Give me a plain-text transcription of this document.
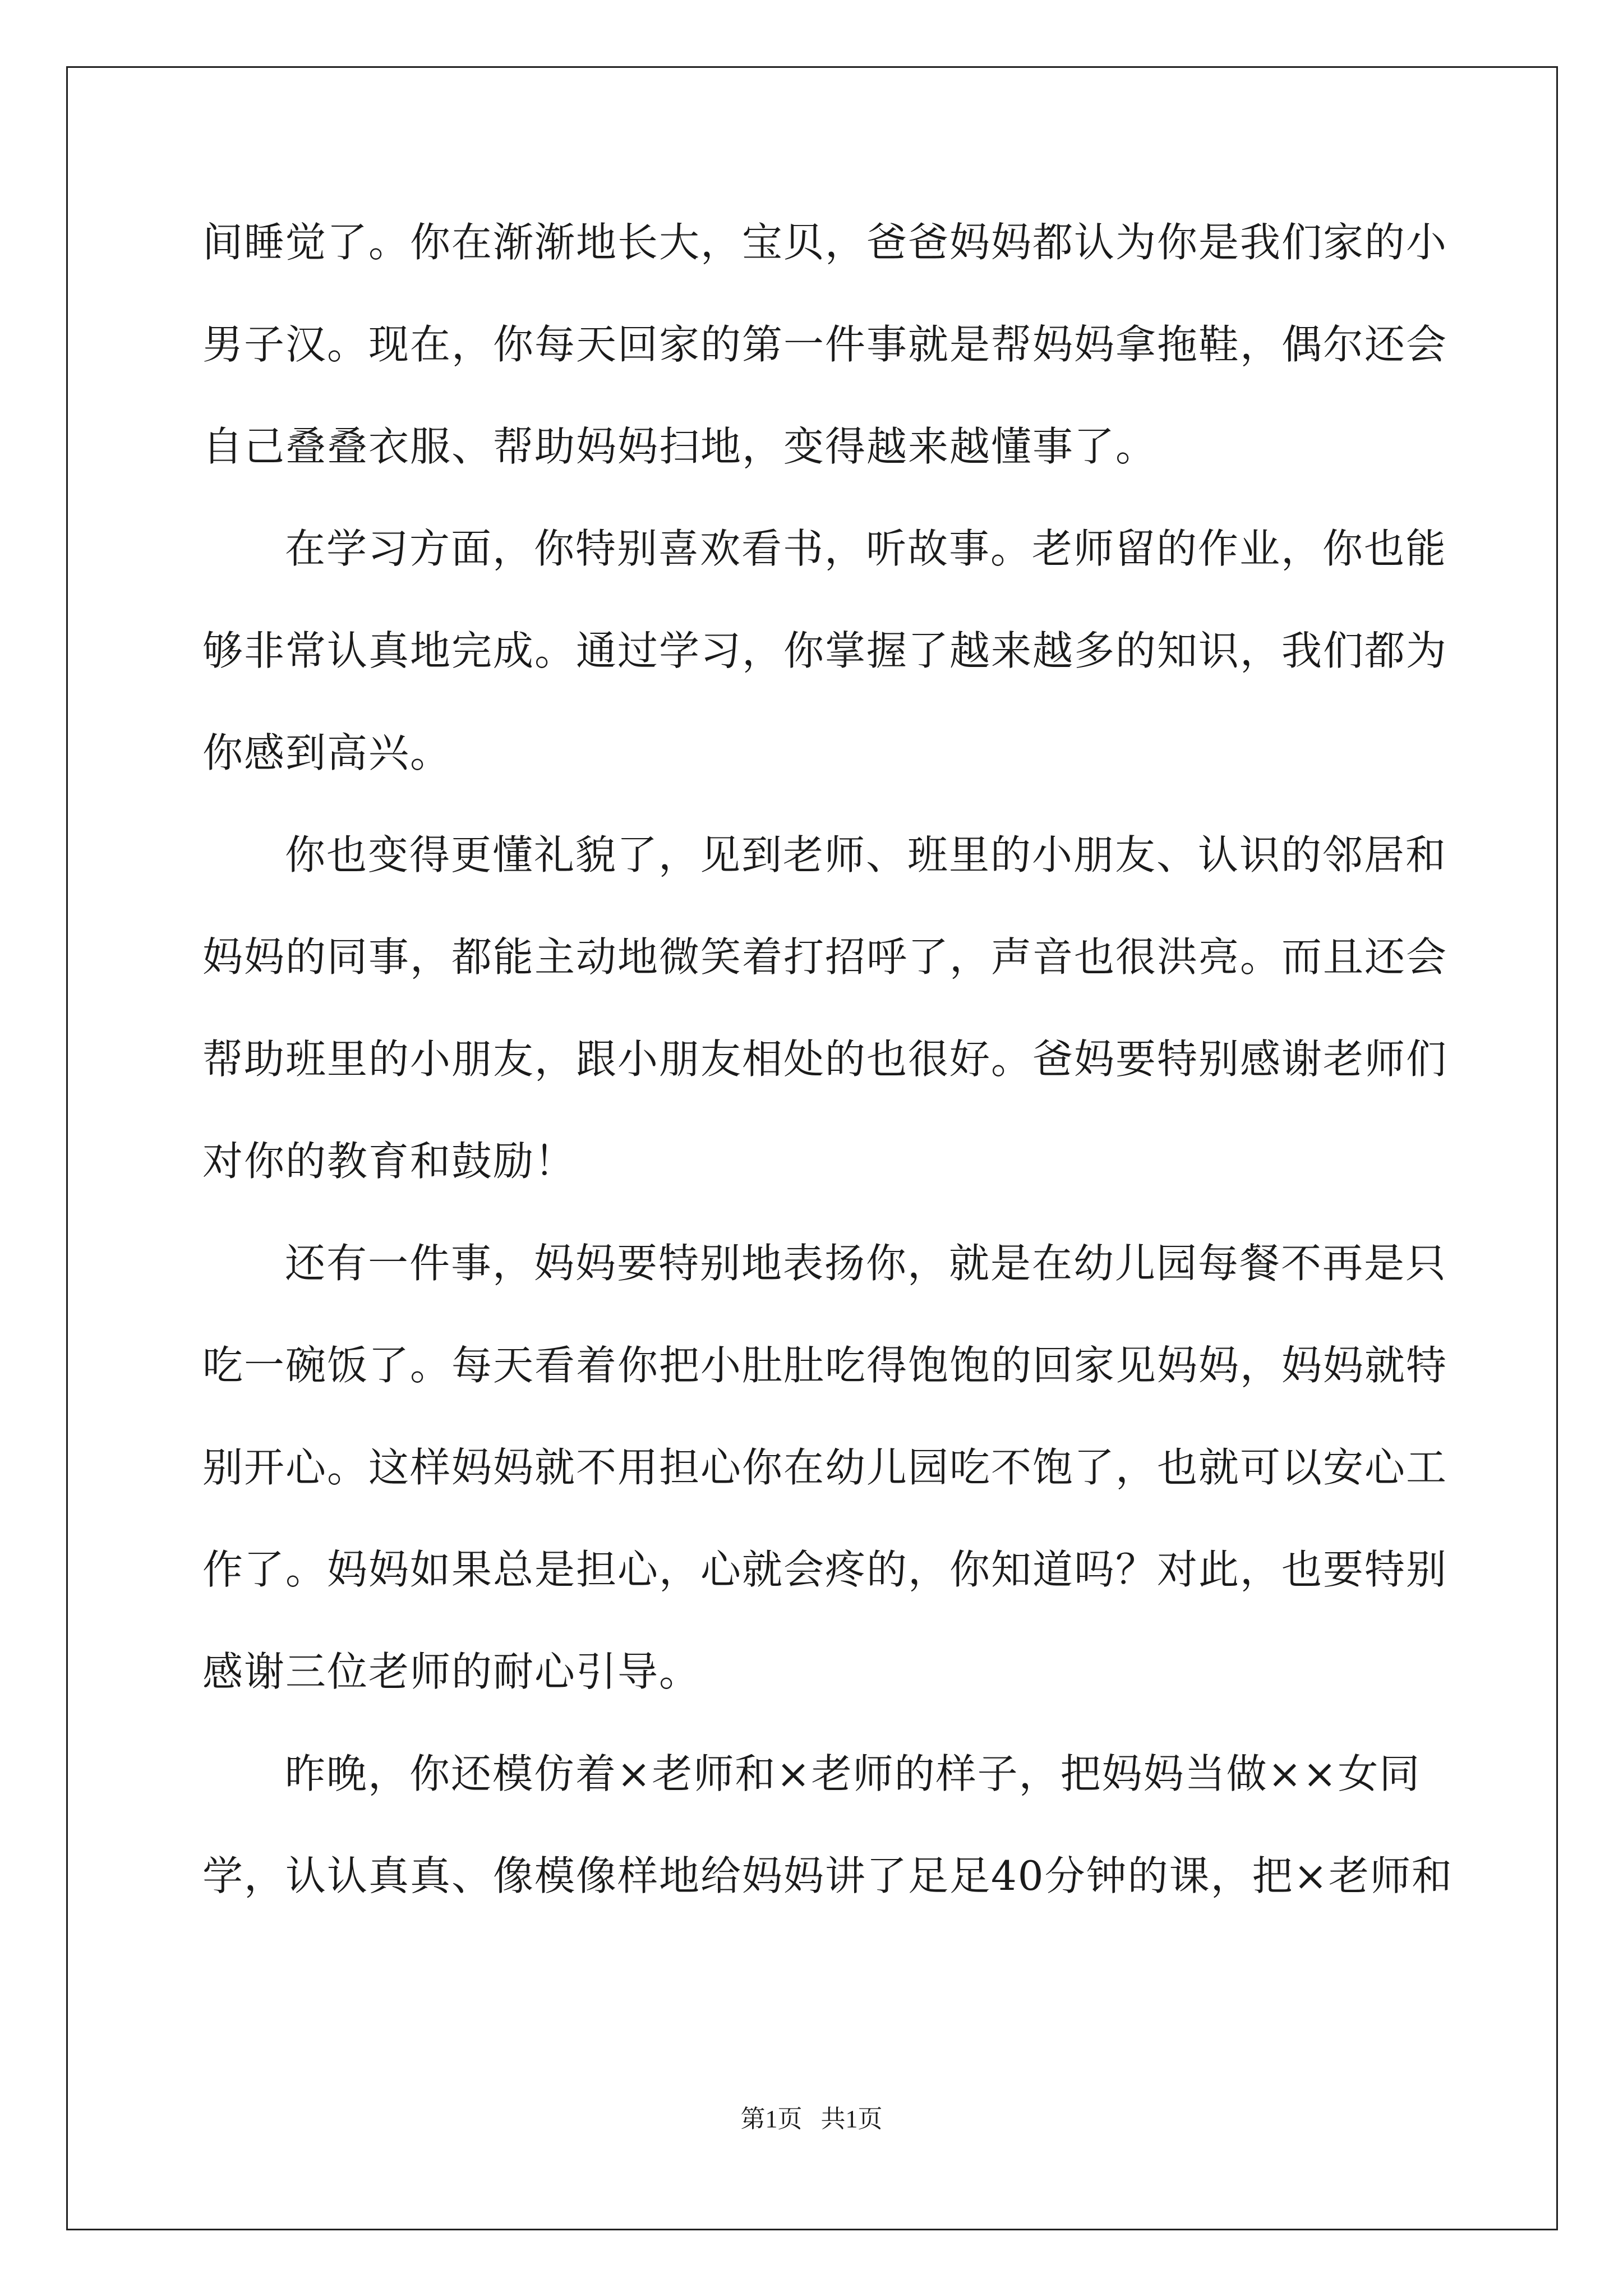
间睡觉了。你在渐渐地长大，宝贝，爸爸妈妈都认为你是我们家的小
男子汉。现在，你每天回家的第一件事就是帮妈妈拿拖鞋，偶尔还会
自己叠叠衣服、帮助妈妈扫地，变得越来越懂事了。
在学习方面，你特别喜欢看书，听故事。老师留的作业，你也能
够非常认真地完成。通过学习，你掌握了越来越多的知识，我们都为
你感到高兴。
你也变得更懂礼貌了，见到老师、班里的小朋友、认识的邻居和
妈妈的同事，都能主动地微笑着打招呼了，声音也很洪亮。而且还会
帮助班里的小朋友，跟小朋友相处的也很好。爸妈要特别感谢老师们
对你的教育和鼓励！
还有一件事，妈妈要特别地表扬你，就是在幼儿园每餐不再是只
吃一碗饭了。每天看着你把小肚肚吃得饱饱的回家见妈妈，妈妈就特
别开心。这样妈妈就不用担心你在幼儿园吃不饱了，也就可以安心工
作了。妈妈如果总是担心，心就会疼的，你知道吗？对此，也要特别
感谢三位老师的耐心引导。
昨晚，你还模仿着×老师和×老师的样子，把妈妈当做××女同
学，认认真真、像模像样地给妈妈讲了足足40分钟的课，把×老师和
第1页   共1页
